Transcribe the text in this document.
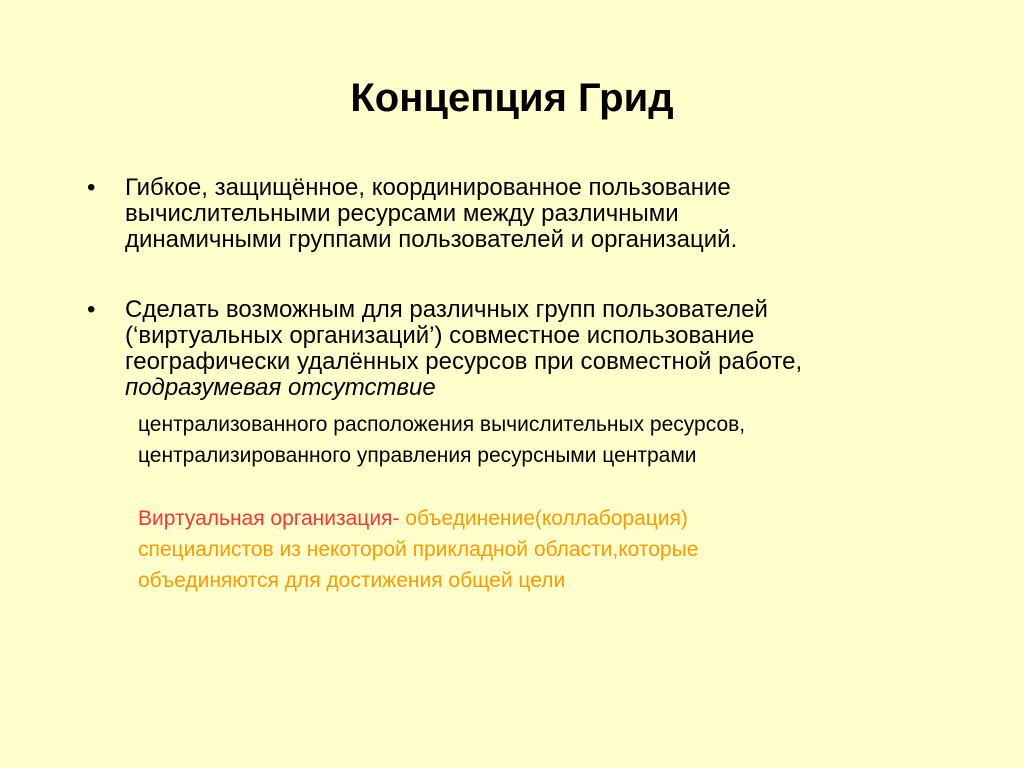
Концепция Грид
•	Гибкое, защищённое, координированное пользование
вычислительными ресурсами между различными
динамичными группами пользователей и организаций.
•	Сделать возможным для различных групп пользователей
(‘виртуальных организаций’) совместное использование
географически удалённых ресурсов при совместной работе,
подразумевая отсутствие
централизованного расположения вычислительных ресурсов,
централизированного управления ресурсными центрами
Виртуальная организация- объединение(коллаборация)
специалистов из некоторой прикладной области,которые
объединяются для достижения общей цели
